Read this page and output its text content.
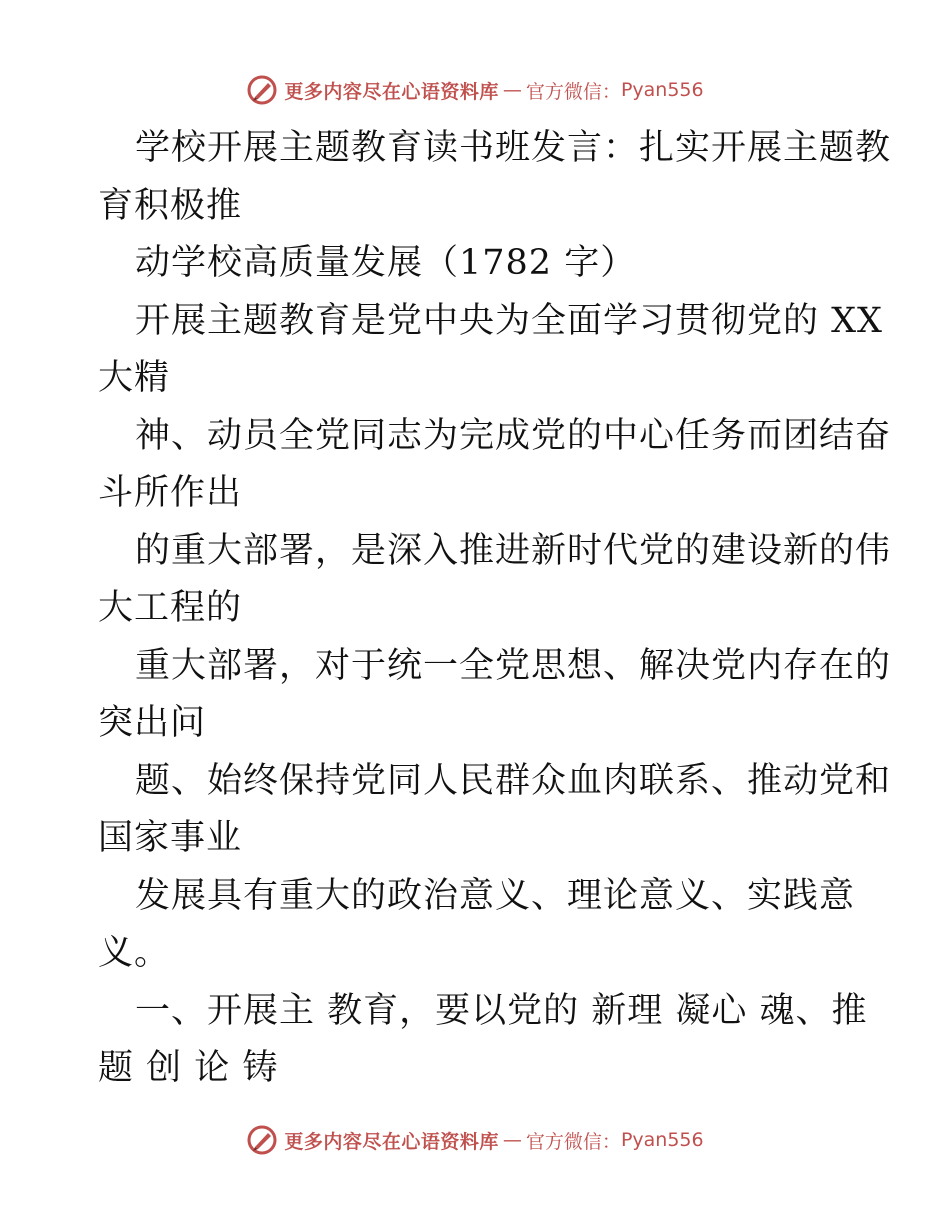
更多内容尽在心语资料库 — 官方微信： Pyan556
学校开展主题教育读书班发言：扎实开展主题教
育积极推
动学校高质量发展（1782 字）
开展主题教育是党中央为全面学习贯彻党的 XX
大精
神、动员全党同志为完成党的中心任务而团结奋
斗所作出
的重大部署，是深入推进新时代党的建设新的伟
大工程的
重大部署，对于统一全党思想、解决党内存在的
突出问
题、始终保持党同人民群众血肉联系、推动党和
国家事业
发展具有重大的政治意义、理论意义、实践意
义。
一、开展主 教育，要以党的 新理 凝心 魂、推
题 创 论 铸
更多内容尽在心语资料库 — 官方微信： Pyan556
